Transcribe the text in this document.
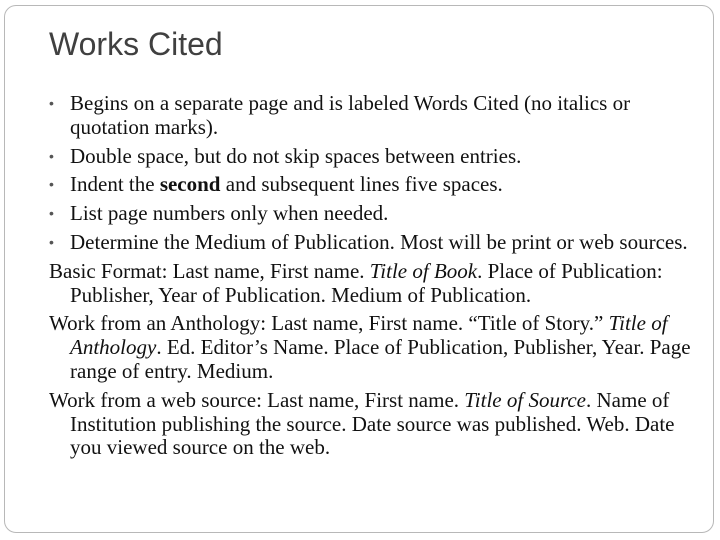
Works Cited
• Begins on a separate page and is labeled Words Cited (no italics or quotation marks).
• Double space, but do not skip spaces between entries.
• Indent the second and subsequent lines five spaces.
• List page numbers only when needed.
• Determine the Medium of Publication. Most will be print or web sources.

Basic Format: Last name, First name. Title of Book. Place of Publication: Publisher, Year of Publication. Medium of Publication.

Work from an Anthology: Last name, First name. “Title of Story.” Title of Anthology. Ed. Editor’s Name. Place of Publication, Publisher, Year. Page range of entry. Medium.

Work from a web source: Last name, First name. Title of Source. Name of Institution publishing the source. Date source was published. Web. Date you viewed source on the web.
